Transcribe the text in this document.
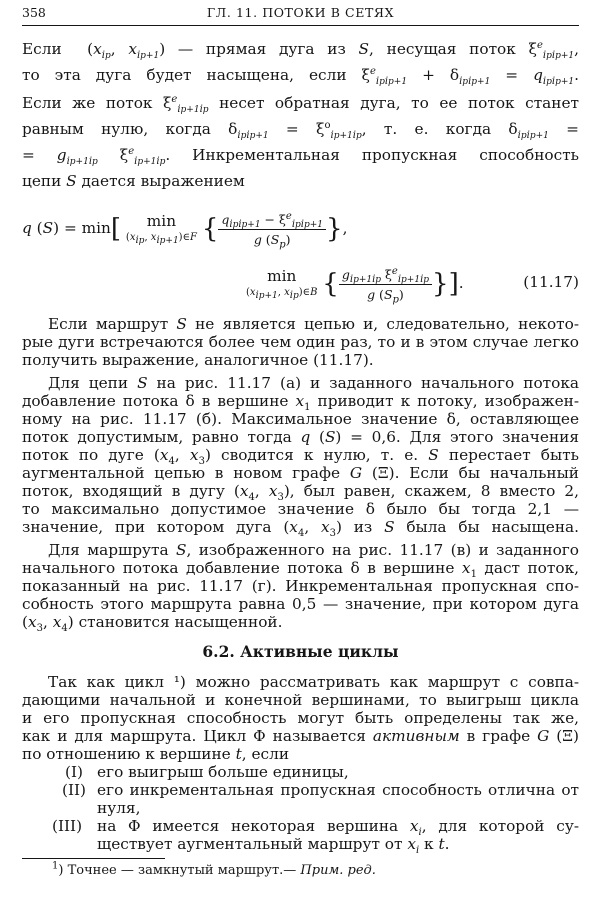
358	ГЛ. 11. ПОТОКИ В СЕТЯХ
Если  ($x_{ip}$, $x_{ip+1}$) — прямая дуга из S, несущая поток $\xi^e_{ipip+1}$,
то эта дуга будет насыщена, если $\xi^e_{ipip+1} + \delta_{ipip+1} = q_{ipip+1}$.
Если же поток $\xi^e_{ip+1ip}$ несет обратная дуга, то ее поток станет
равным нулю, когда $\delta_{ipip+1} = \xi^o_{ip+1ip}$, т. е. когда $\delta_{ipip+1}$ =
= $g_{ip+1ip}$ $\xi^e_{ip+1ip}$. Инкрементальная пропускная способность
цепи S дается выражением
q (S) = min[ min
($x_{ip}$, $x_{ip+1})\in F$ { $\frac{q_{ipip+1} - \xi^e_{ipip+1}}{g (S_p)}$ },
min
($x_{ip+1}$, $x_{ip})\in B$ { $\frac{g_{ip+1ip} \xi^e_{ip+1ip}}{g (S_p)}$ }].	(11.17)
Если маршрут S не является цепью и, следовательно, некото-
рые дуги встречаются более чем один раз, то и в этом случае легко
получить выражение, аналогичное (11.17).
Для цепи S на рис. 11.17 (а) и заданного начального потока
добавление потока δ в вершине $x_1$ приводит к потоку, изображен-
ному на рис. 11.17 (б). Максимальное значение δ, оставляющее
поток допустимым, равно тогда q (S) = 0,6. Для этого значения
поток по дуге ($x_4$, $x_3$) сводится к нулю, т. е. S перестает быть
аугментальной цепью в новом графе G (Ξ). Если бы начальный
поток, входящий в дугу ($x_4$, $x_3$), был равен, скажем, 8 вместо 2,
то максимально допустимое значение δ было бы тогда 2,1 —
значение, при котором дуга ($x_4$, $x_3$) из S была бы насыщена.
Для маршрута S, изображенного на рис. 11.17 (в) и заданного
начального потока добавление потока δ в вершине $x_1$ даст поток,
показанный на рис. 11.17 (г). Инкрементальная пропускная спо-
собность этого маршрута равна 0,5 — значение, при котором дуга
($x_3$, $x_4$) становится насыщенной.
6.2. Активные циклы
Так как цикл ¹) можно рассматривать как маршрут с совпа-
дающими начальной и конечной вершинами, то выигрыш цикла
и его пропускная способность могут быть определены так же,
как и для маршрута. Цикл Φ называется активным в графе G (Ξ)
по отношению к вершине t, если
(I) его выигрыш больше единицы,
(II) его инкрементальная пропускная способность отлична от
нуля,
(III) на Φ имеется некоторая вершина $x_i$, для которой су-
ществует аугментальный маршрут от $x_i$ к t.
$^1$) Точнее — замкнутый маршрут.— Прим. ред.
